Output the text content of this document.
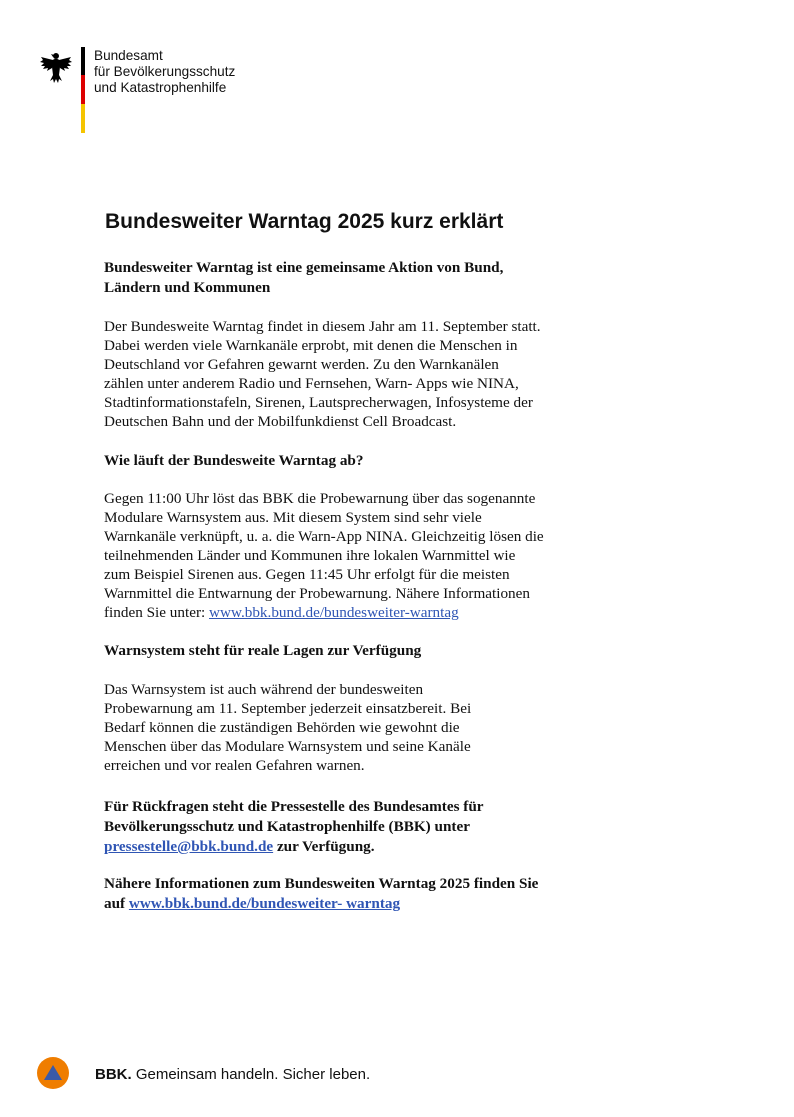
Bundesamt
für Bevölkerungsschutz
und Katastrophenhilfe
Bundesweiter Warntag 2025 kurz erklärt
Bundesweiter Warntag ist eine gemeinsame Aktion von Bund,
Ländern und Kommunen
Der Bundesweite Warntag findet in diesem Jahr am 11. September statt.
Dabei werden viele Warnkanäle erprobt, mit denen die Menschen in
Deutschland vor Gefahren gewarnt werden. Zu den Warnkanälen
zählen unter anderem Radio und Fernsehen, Warn- Apps wie NINA,
Stadtinformationstafeln, Sirenen, Lautsprecherwagen, Infosysteme der
Deutschen Bahn und der Mobilfunkdienst Cell Broadcast.
Wie läuft der Bundesweite Warntag ab?
Gegen 11:00 Uhr löst das BBK die Probewarnung über das sogenannte
Modulare Warnsystem aus. Mit diesem System sind sehr viele
Warnkanäle verknüpft, u. a. die Warn-App NINA. Gleichzeitig lösen die
teilnehmenden Länder und Kommunen ihre lokalen Warnmittel wie
zum Beispiel Sirenen aus. Gegen 11:45 Uhr erfolgt für die meisten
Warnmittel die Entwarnung der Probewarnung. Nähere Informationen
finden Sie unter: www.bbk.bund.de/bundesweiter-warntag
Warnsystem steht für reale Lagen zur Verfügung
Das Warnsystem ist auch während der bundesweiten
Probewarnung am 11. September jederzeit einsatzbereit. Bei
Bedarf können die zuständigen Behörden wie gewohnt die
Menschen über das Modulare Warnsystem und seine Kanäle
erreichen und vor realen Gefahren warnen.
Für Rückfragen steht die Pressestelle des Bundesamtes für
Bevölkerungsschutz und Katastrophenhilfe (BBK) unter
pressestelle@bbk.bund.de zur Verfügung.
Nähere Informationen zum Bundesweiten Warntag 2025 finden Sie
auf www.bbk.bund.de/bundesweiter- warntag
BBK. Gemeinsam handeln. Sicher leben.
